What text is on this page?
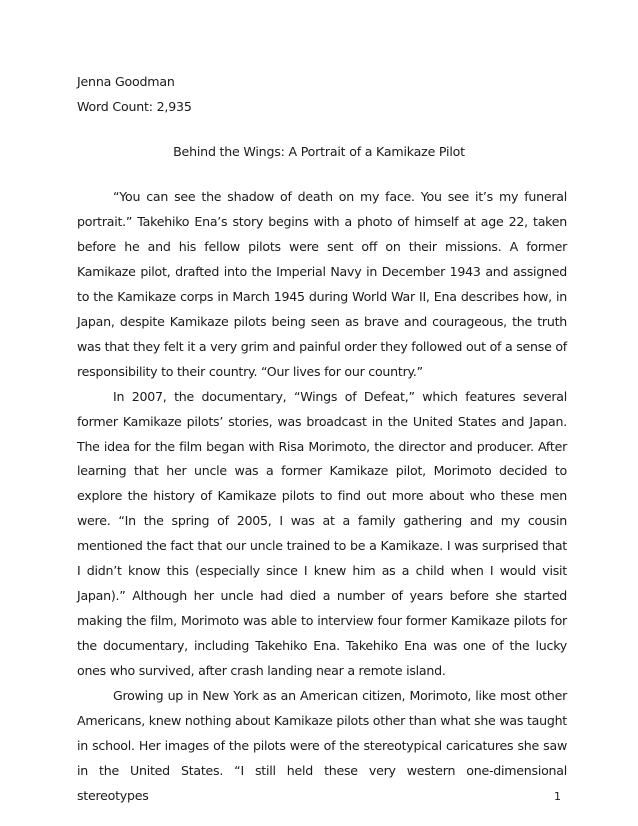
Jenna Goodman
Word Count: 2,935
Behind the Wings: A Portrait of a Kamikaze Pilot

“You can see the shadow of death on my face. You see it’s my funeral portrait.” Takehiko Ena’s story begins with a photo of himself at age 22, taken before he and his fellow pilots were sent off on their missions. A former Kamikaze pilot, drafted into the Imperial Navy in December 1943 and assigned to the Kamikaze corps in March 1945 during World War II, Ena describes how, in Japan, despite Kamikaze pilots being seen as brave and courageous, the truth was that they felt it a very grim and painful order they followed out of a sense of responsibility to their country. “Our lives for our country.”

In 2007, the documentary, “Wings of Defeat,” which features several former Kamikaze pilots’ stories, was broadcast in the United States and Japan. The idea for the film began with Risa Morimoto, the director and producer. After learning that her uncle was a former Kamikaze pilot, Morimoto decided to explore the history of Kamikaze pilots to find out more about who these men were. “In the spring of 2005, I was at a family gathering and my cousin mentioned the fact that our uncle trained to be a Kamikaze. I was surprised that I didn’t know this (especially since I knew him as a child when I would visit Japan).” Although her uncle had died a number of years before she started making the film, Morimoto was able to interview four former Kamikaze pilots for the documentary, including Takehiko Ena. Takehiko Ena was one of the lucky ones who survived, after crash landing near a remote island.

Growing up in New York as an American citizen, Morimoto, like most other Americans, knew nothing about Kamikaze pilots other than what she was taught in school. Her images of the pilots were of the stereotypical caricatures she saw in the United States. “I still held these very western one-dimensional stereotypes	1
